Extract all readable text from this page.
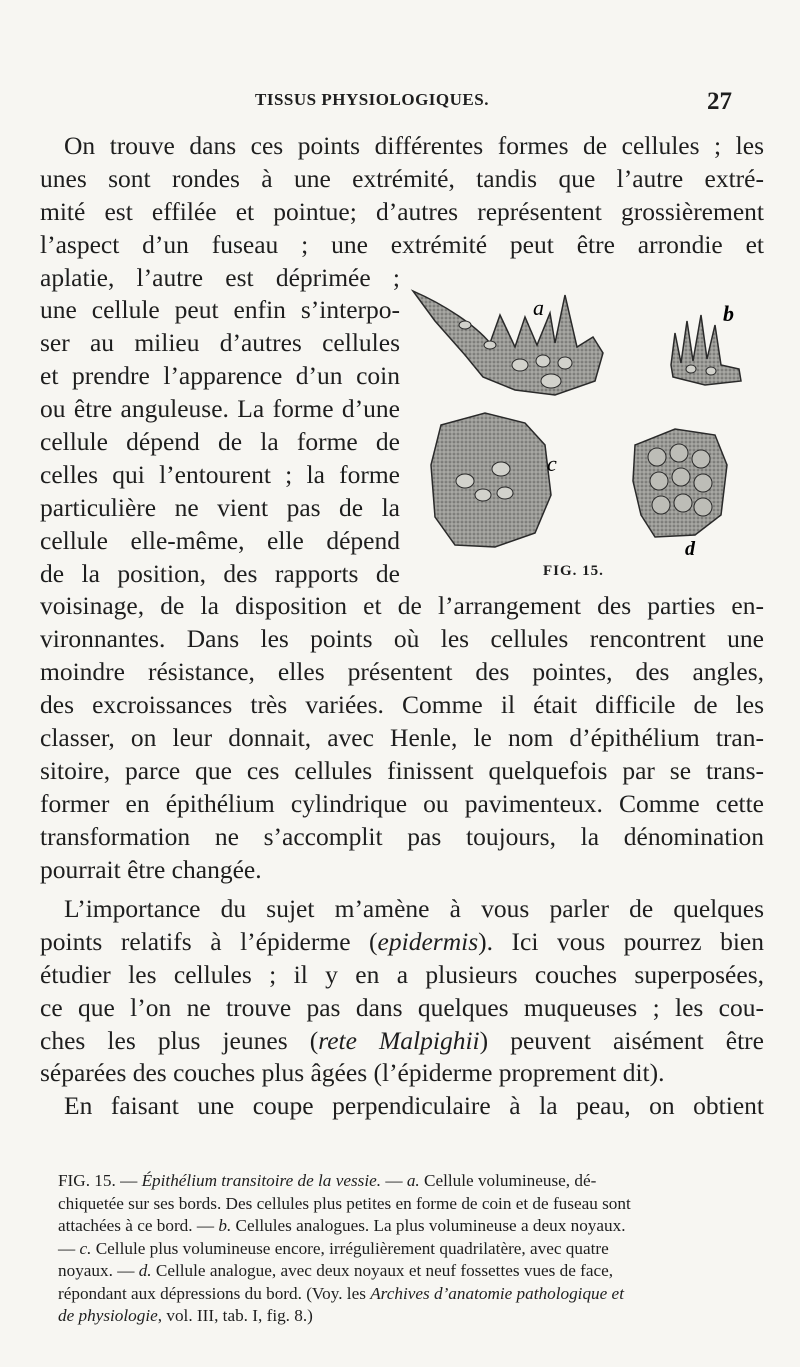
TISSUS PHYSIOLOGIQUES.	27
On trouve dans ces points différentes formes de cellules ; les
unes sont rondes à une extrémité, tandis que l’autre extré-
mité est effilée et pointue; d’autres représentent grossièrement
l’aspect d’un fuseau ; une extrémité peut être arrondie et
aplatie, l’autre est déprimée ;
une cellule peut enfin s’interpo-
ser au milieu d’autres cellules
et prendre l’apparence d’un coin
ou être anguleuse. La forme d’une
cellule dépend de la forme de
celles qui l’entourent ; la forme
particulière ne vient pas de la
cellule elle-même, elle dépend
de la position, des rapports de
voisinage, de la disposition et de l’arrangement des parties en-
vironnantes. Dans les points où les cellules rencontrent une
moindre résistance, elles présentent des pointes, des angles,
des excroissances très variées. Comme il était difficile de les
classer, on leur donnait, avec Henle, le nom d’épithélium tran-
sitoire, parce que ces cellules finissent quelquefois par se trans-
former en épithélium cylindrique ou pavimenteux. Comme cette
transformation ne s’accomplit pas toujours, la dénomination
pourrait être changée.
L’importance du sujet m’amène à vous parler de quelques
points relatifs à l’épiderme (epidermis). Ici vous pourrez bien
étudier les cellules ; il y en a plusieurs couches superposées,
ce que l’on ne trouve pas dans quelques muqueuses ; les cou-
ches les plus jeunes (rete Malpighii) peuvent aisément être
séparées des couches plus âgées (l’épiderme proprement dit).
En faisant une coupe perpendiculaire à la peau, on obtient
a	b
c
d
FIG. 15.
FIG. 15. — Épithélium transitoire de la vessie. — a. Cellule volumineuse, dé-
chiquetée sur ses bords. Des cellules plus petites en forme de coin et de fuseau sont
attachées à ce bord. — b. Cellules analogues. La plus volumineuse a deux noyaux.
— c. Cellule plus volumineuse encore, irrégulièrement quadrilatère, avec quatre
noyaux. — d. Cellule analogue, avec deux noyaux et neuf fossettes vues de face,
répondant aux dépressions du bord. (Voy. les Archives d’anatomie pathologique et
de physiologie, vol. III, tab. I, fig. 8.)
